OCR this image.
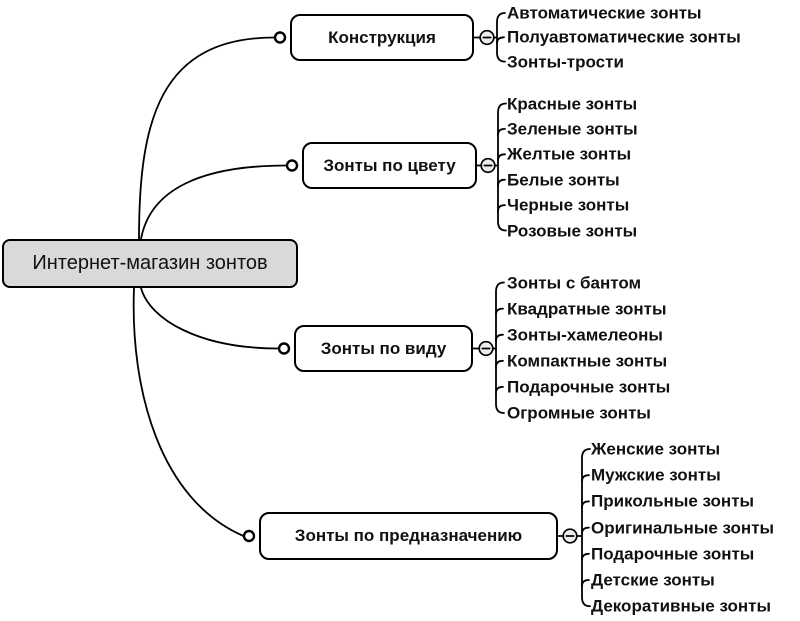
Интернет-магазин зонтов
Конструкция
Автоматические зонты
Полуавтоматические зонты
Зонты-трости
Зонты по цвету
Красные зонты
Зеленые зонты
Желтые зонты
Белые зонты
Черные зонты
Розовые зонты
Зонты по виду
Зонты с бантом
Квадратные зонты
Зонты-хамелеоны
Компактные зонты
Подарочные зонты
Огромные зонты
Зонты по предназначению
Женские зонты
Мужские зонты
Прикольные зонты
Оригинальные зонты
Подарочные зонты
Детские зонты
Декоративные зонты
